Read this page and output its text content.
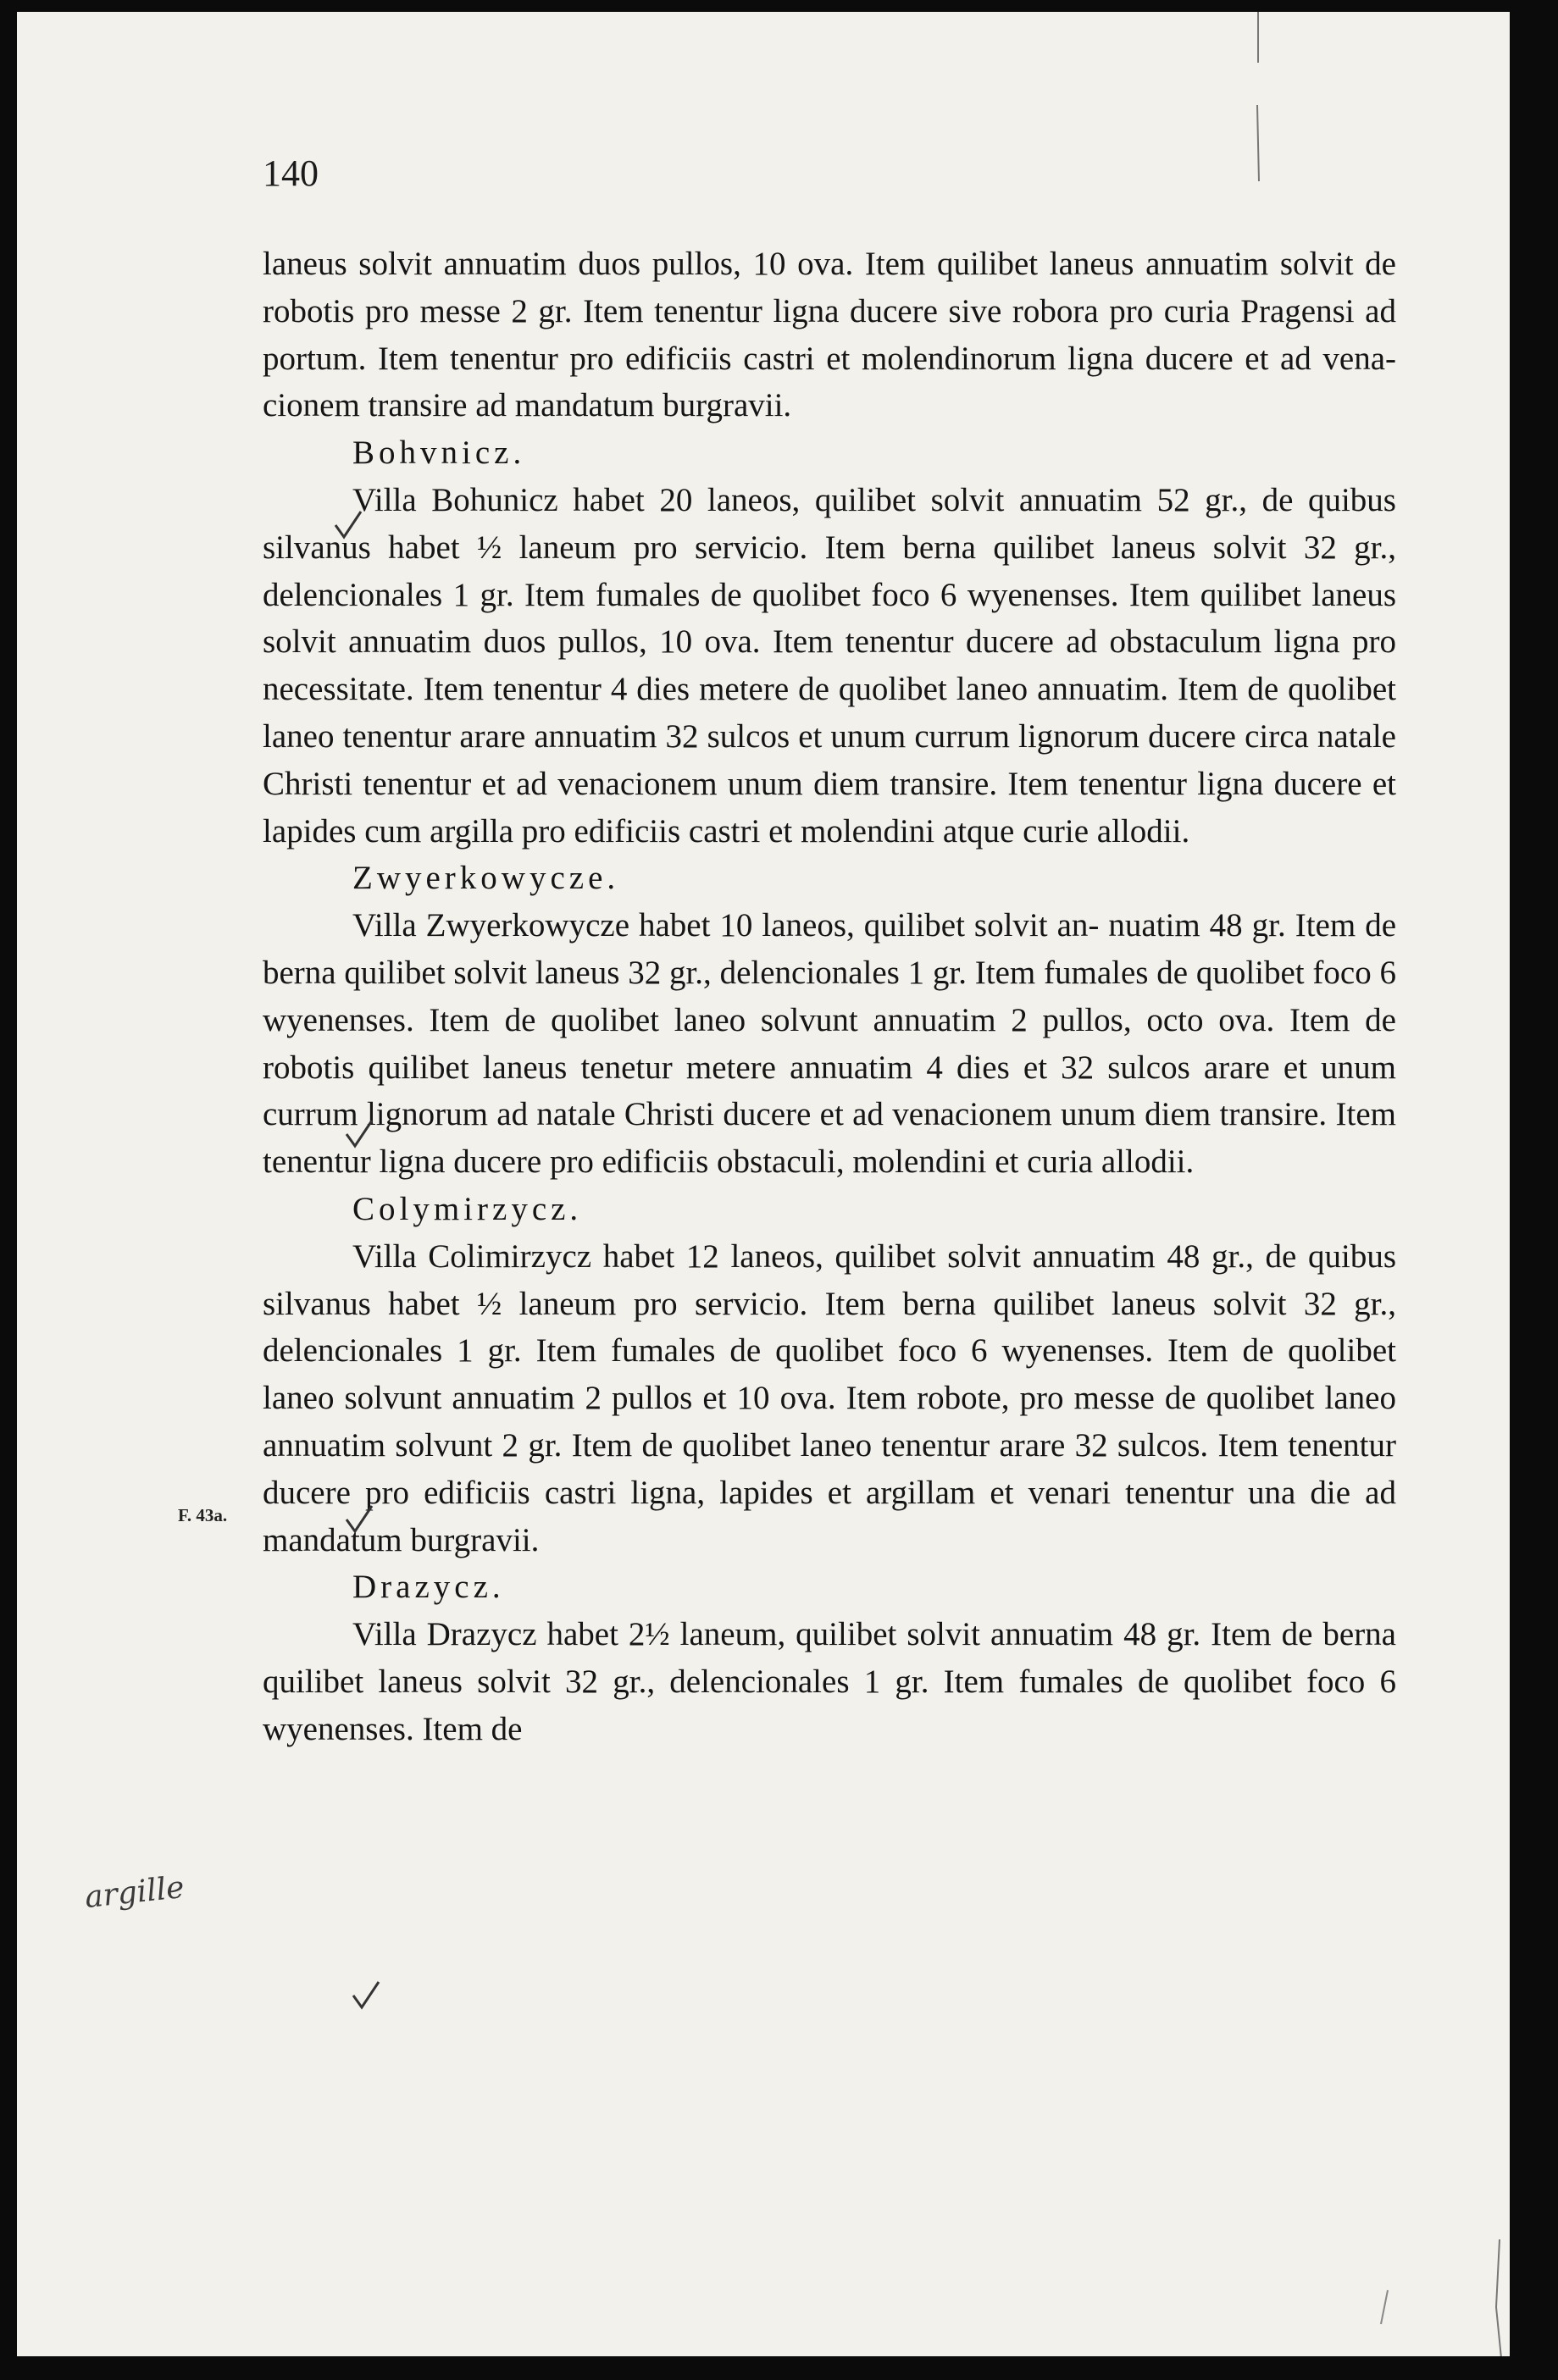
140

laneus solvit annuatim duos pullos, 10 ova. Item quilibet laneus annuatim solvit de robotis pro messe 2 gr. Item tenentur ligna ducere sive robora pro curia Pragensi ad portum. Item tenentur pro edificiis castri et molendinorum ligna ducere et ad vena- cionem transire ad mandatum burgravii.

Bohvnicz.

Villa Bohunicz habet 20 laneos, quilibet solvit annuatim 52 gr., de quibus silvanus habet ½ laneum pro servicio. Item berna quilibet laneus solvit 32 gr., delencionales 1 gr. Item fumales de quolibet foco 6 wyenenses. Item quilibet laneus solvit annuatim duos pullos, 10 ova. Item tenentur ducere ad obstaculum ligna pro necessitate. Item tenentur 4 dies metere de quolibet laneo annuatim. Item de quolibet laneo tenentur arare annuatim 32 sulcos et unum currum lignorum ducere circa natale Christi tenentur et ad venacionem unum diem transire. Item tenentur ligna ducere et lapides cum argilla pro edificiis castri et molendini atque curie allodii.

Zwyerkowycze.

Villa Zwyerkowycze habet 10 laneos, quilibet solvit an- nuatim 48 gr. Item de berna quilibet solvit laneus 32 gr., delencionales 1 gr. Item fumales de quolibet foco 6 wyenenses. Item de quolibet laneo solvunt annuatim 2 pullos, octo ova. Item de robotis quilibet laneus tenetur metere annuatim 4 dies et 32 sulcos arare et unum currum lignorum ad natale Christi ducere et ad venacionem unum diem transire. Item tenentur ligna ducere pro edificiis obstaculi, molendini et curia allodii.

Colymirzycz.

Villa Colimirzycz habet 12 laneos, quilibet solvit annuatim 48 gr., de quibus silvanus habet ½ laneum pro servicio. Item berna quilibet laneus solvit 32 gr., delencionales 1 gr. Item fumales de quolibet foco 6 wyenenses. Item de quolibet laneo solvunt annuatim 2 pullos et 10 ova. Item robote, pro messe de quolibet laneo annuatim solvunt 2 gr. Item de quolibet laneo tenentur arare 32 sulcos. Item tenentur ducere pro edificiis castri ligna, lapides et argillam et venari tenentur una die ad mandatum burgravii.

Drazycz.

Villa Drazycz habet 2½ laneum, quilibet solvit annuatim 48 gr. Item de berna quilibet laneus solvit 32 gr., delencionales 1 gr. Item fumales de quolibet foco 6 wyenenses. Item de

F. 43a.
argille
